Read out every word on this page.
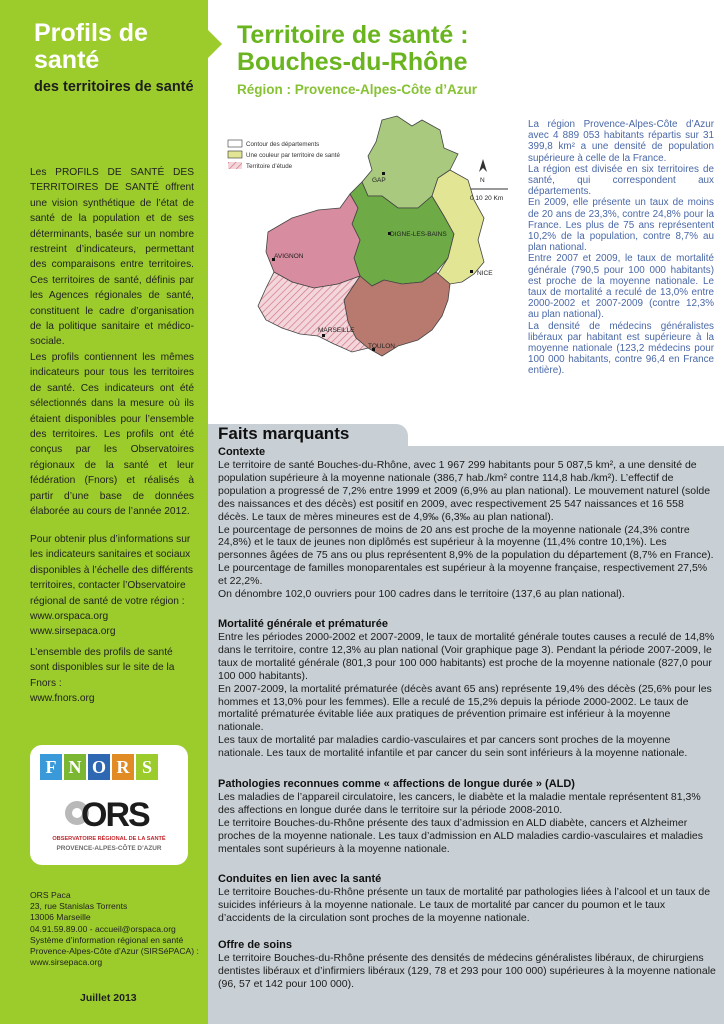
Profils de
santé
des territoires de santé

Les PROFILS DE SANTÉ DES TERRITOIRES DE SANTÉ offrent une vision synthétique de l’état de santé de la population et de ses déterminants, basée sur un nombre restreint d’indicateurs, permettant des comparaisons entre territoires. Ces territoires de santé, définis par les Agences régionales de santé, constituent le cadre d’organisation de la politique sanitaire et médico-sociale.

Les profils contiennent les mêmes indicateurs pour tous les territoires de santé. Ces indicateurs ont été sélectionnés dans la mesure où ils étaient disponibles pour l’ensemble des territoires. Les profils ont été conçus par les Observatoires régionaux de la santé et leur fédération (Fnors) et réalisés à partir d’une base de données élaborée au cours de l’année 2012.

Pour obtenir plus d’informations sur les indicateurs sanitaires et sociaux disponibles à l’échelle des différents territoires, contacter l’Observatoire régional de santé de votre région :

www.orspaca.org
www.sirsepaca.org

L’ensemble des profils de santé sont disponibles sur le site de la Fnors :

www.fnors.org
F N O R S
ORS
OBSERVATOIRE RÉGIONAL DE LA SANTÉ
PROVENCE-ALPES-CÔTE D’AZUR
ORS Paca
23, rue Stanislas Torrents
13006 Marseille
04.91.59.89.00 - accueil@orspaca.org
Système d’information régional en santé
Provence-Alpes-Côte d’Azur (SIRSéPACA) :
www.sirsepaca.org
Juillet 2013
Territoire de santé :
Bouches-du-Rhône
Région : Provence-Alpes-Côte d’Azur
Contour des départements
Une couleur par territoire de santé
Territoire d’étude
GAP
DIGNE-LES-BAINS
AVIGNON
NICE
MARSEILLE
TOULON
N
0 10 20 Km

La région Provence-Alpes-Côte d’Azur avec 4 889 053 habitants répartis sur 31 399,8 km² a une densité de population supérieure à celle de la France.

La région est divisée en six territoires de santé, qui correspondent aux départements.

En 2009, elle présente un taux de moins de 20 ans de 23,3%, contre 24,8% pour la France. Les plus de 75 ans représentent 10,2% de la population, contre 8,7% au plan national.

Entre 2007 et 2009, le taux de mortalité générale (790,5 pour 100 000 habitants) est proche de la moyenne nationale. Le taux de mortalité a reculé de 13,0% entre 2000-2002 et 2007-2009 (contre 12,3% au plan national).

La densité de médecins généralistes libéraux par habitant est supérieure à la moyenne nationale (123,2 médecins pour 100 000 habitants, contre 96,4 en France entière).

Faits marquants
Contexte

Le territoire de santé Bouches-du-Rhône, avec 1 967 299 habitants pour 5 087,5 km², a une densité de population supérieure à la moyenne nationale (386,7 hab./km² contre 114,8 hab./km²). L’effectif de population a progressé de 7,2% entre 1999 et 2009 (6,9% au plan national). Le mouvement naturel (solde des naissances et des décès) est positif en 2009, avec respectivement 25 547 naissances et 16 558 décès. Le taux de mères mineures est de 4,9‰ (6,3‰ au plan national).

Le pourcentage de personnes de moins de 20 ans est proche de la moyenne nationale (24,3% contre 24,8%) et le taux de jeunes non diplômés est supérieur à la moyenne (11,4% contre 10,1%). Les personnes âgées de 75 ans ou plus représentent 8,9% de la population du département (8,7% en France).

Le pourcentage de familles monoparentales est supérieur à la moyenne française, respectivement 27,5% et 22,2%.

On dénombre 102,0 ouvriers pour 100 cadres dans le territoire (137,6 au plan national).

Mortalité générale et prématurée

Entre les périodes 2000-2002 et 2007-2009, le taux de mortalité générale toutes causes a reculé de 14,8% dans le territoire, contre 12,3% au plan national (Voir graphique page 3). Pendant la période 2007-2009, le taux de mortalité générale (801,3 pour 100 000 habitants) est proche de la moyenne nationale (827,0 pour 100 000 habitants).

En 2007-2009, la mortalité prématurée (décès avant 65 ans) représente 19,4% des décès (25,6% pour les hommes et 13,0% pour les femmes). Elle a reculé de 15,2% depuis la période 2000-2002. Le taux de mortalité prématurée évitable liée aux pratiques de prévention primaire est inférieur à la moyenne nationale.

Les taux de mortalité par maladies cardio-vasculaires et par cancers sont proches de la moyenne nationale. Les taux de mortalité infantile et par cancer du sein sont inférieurs à la moyenne nationale.

Pathologies reconnues comme « affections de longue durée » (ALD)

Les maladies de l’appareil circulatoire, les cancers, le diabète et la maladie mentale représentent 81,3% des affections en longue durée dans le territoire sur la période 2008-2010.

Le territoire Bouches-du-Rhône présente des taux d’admission en ALD diabète, cancers et Alzheimer proches de la moyenne nationale. Les taux d’admission en ALD maladies cardio-vasculaires et maladies mentales sont supérieurs à la moyenne nationale.

Conduites en lien avec la santé

Le territoire Bouches-du-Rhône présente un taux de mortalité par pathologies liées à l’alcool et un taux de suicides inférieurs à la moyenne nationale. Le taux de mortalité par cancer du poumon et le taux d’accidents de la circulation sont proches de la moyenne nationale.

Offre de soins

Le territoire Bouches-du-Rhône présente des densités de médecins généralistes libéraux, de chirurgiens dentistes libéraux et d’infirmiers libéraux (129, 78 et 293 pour 100 000) supérieures à la moyenne nationale (96, 57 et 142 pour 100 000).
